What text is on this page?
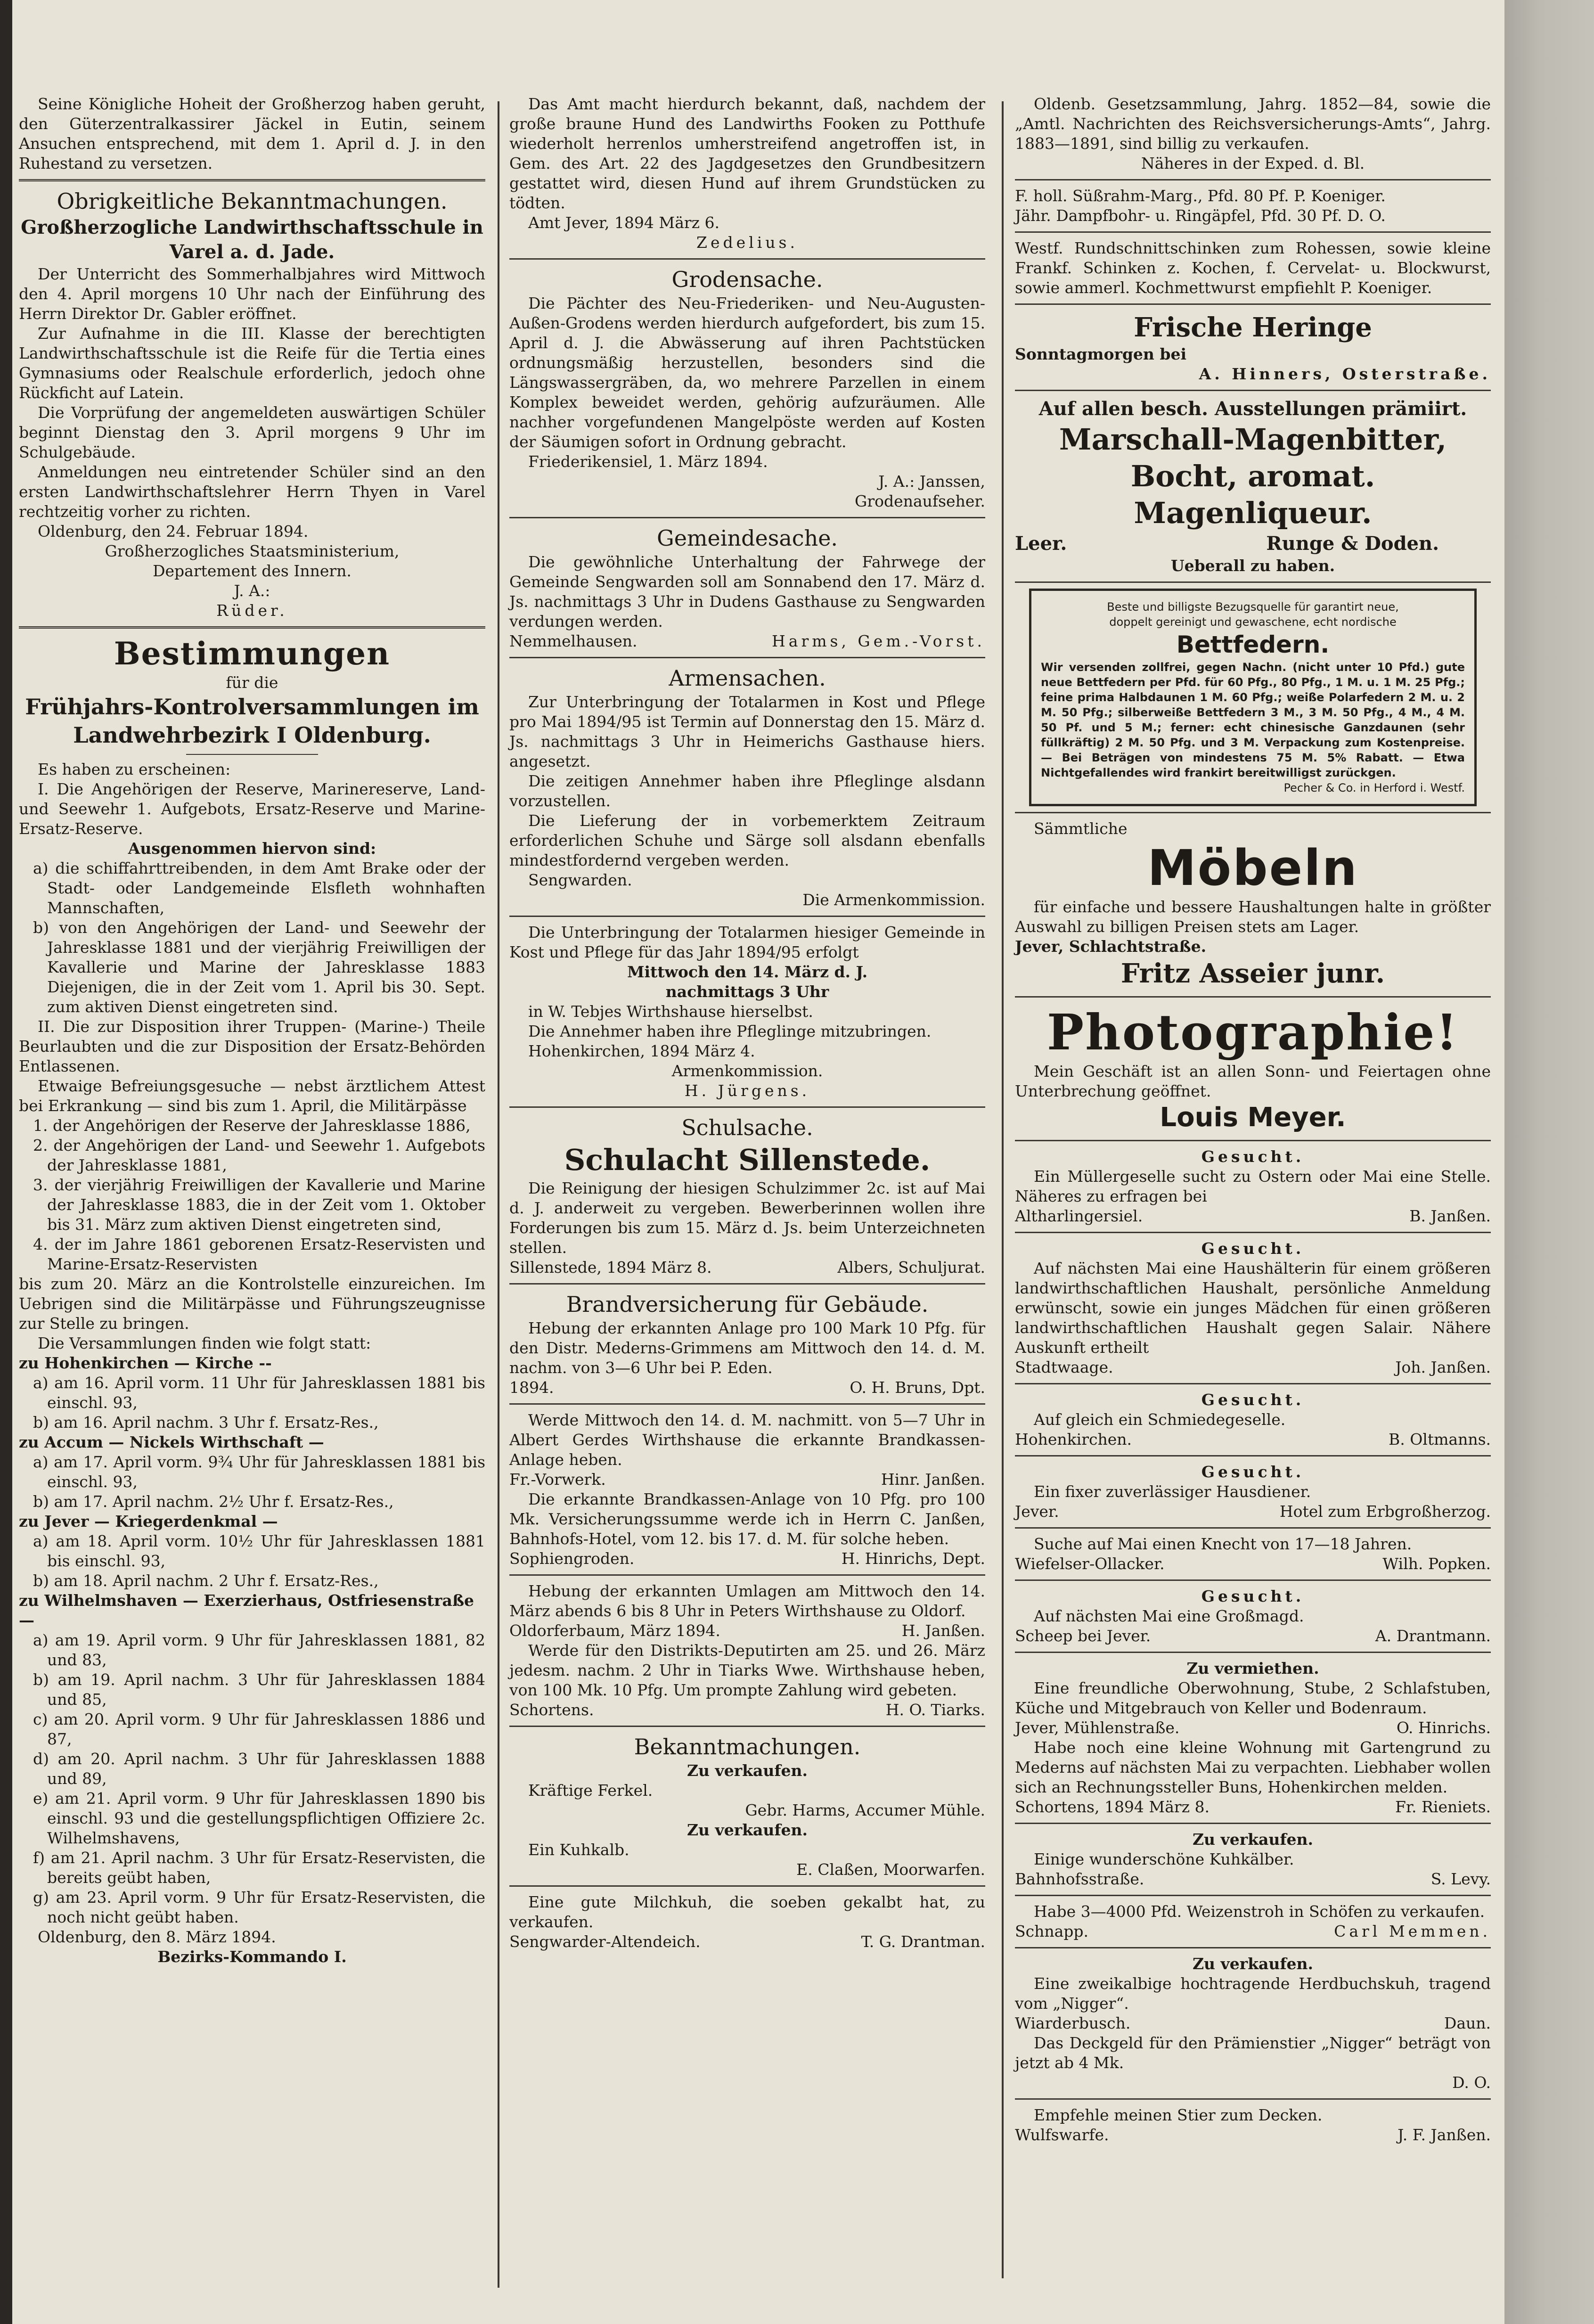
Seine Königliche Hoheit der Großherzog haben geruht, den Güterzentralkassirer Jäckel in Eutin, seinem Ansuchen entsprechend, mit dem 1. April d. J. in den Ruhestand zu versetzen.

Obrigkeitliche Bekanntmachungen.

Großherzogliche Landwirthschaftsschule in Varel a. d. Jade.

Der Unterricht des Sommerhalbjahres wird Mittwoch den 4. April morgens 10 Uhr nach der Einführung des Herrn Direktor Dr. Gabler eröffnet.

Zur Aufnahme in die III. Klasse der berechtigten Landwirthschaftsschule ist die Reife für die Tertia eines Gymnasiums oder Realschule erforderlich, jedoch ohne Rückficht auf Latein.

Die Vorprüfung der angemeldeten auswärtigen Schüler beginnt Dienstag den 3. April morgens 9 Uhr im Schulgebäude.

Anmeldungen neu eintretender Schüler sind an den ersten Landwirthschaftslehrer Herrn Thyen in Varel rechtzeitig vorher zu richten.

Oldenburg, den 24. Februar 1894.

Großherzogliches Staatsministerium,

Departement des Innern.

J. A.:

Rüder.

Bestimmungen

für die

Frühjahrs-Kontrolversammlungen im

Landwehrbezirk I Oldenburg.

Es haben zu erscheinen:

I. Die Angehörigen der Reserve, Marinereserve, Land- und Seewehr 1. Aufgebots, Ersatz-Reserve und Marine-Ersatz-Reserve.

Ausgenommen hiervon sind:

a) die schiffahrttreibenden, in dem Amt Brake oder der Stadt- oder Landgemeinde Elsfleth wohnhaften Mannschaften,

b) von den Angehörigen der Land- und Seewehr der Jahresklasse 1881 und der vierjährig Freiwilligen der Kavallerie und Marine der Jahresklasse 1883 Diejenigen, die in der Zeit vom 1. April bis 30. Sept. zum aktiven Dienst eingetreten sind.

II. Die zur Disposition ihrer Truppen- (Marine-) Theile Beurlaubten und die zur Disposition der Ersatz-Behörden Entlassenen.

Etwaige Befreiungsgesuche — nebst ärztlichem Attest bei Erkrankung — sind bis zum 1. April, die Militärpässe

1. der Angehörigen der Reserve der Jahresklasse 1886,

2. der Angehörigen der Land- und Seewehr 1. Aufgebots der Jahresklasse 1881,

3. der vierjährig Freiwilligen der Kavallerie und Marine der Jahresklasse 1883, die in der Zeit vom 1. Oktober bis 31. März zum aktiven Dienst eingetreten sind,

4. der im Jahre 1861 geborenen Ersatz-Reservisten und Marine-Ersatz-Reservisten

bis zum 20. März an die Kontrolstelle einzureichen. Im Uebrigen sind die Militärpässe und Führungszeugnisse zur Stelle zu bringen.

Die Versammlungen finden wie folgt statt:

zu Hohenkirchen — Kirche --

a) am 16. April vorm. 11 Uhr für Jahresklassen 1881 bis einschl. 93,

b) am 16. April nachm. 3 Uhr f. Ersatz-Res.,

zu Accum — Nickels Wirthschaft —

a) am 17. April vorm. 9¾ Uhr für Jahresklassen 1881 bis einschl. 93,

b) am 17. April nachm. 2½ Uhr f. Ersatz-Res.,

zu Jever — Kriegerdenkmal —

a) am 18. April vorm. 10½ Uhr für Jahresklassen 1881 bis einschl. 93,

b) am 18. April nachm. 2 Uhr f. Ersatz-Res.,

zu Wilhelmshaven — Exerzierhaus, Ostfriesenstraße —

a) am 19. April vorm. 9 Uhr für Jahresklassen 1881, 82 und 83,

b) am 19. April nachm. 3 Uhr für Jahresklassen 1884 und 85,

c) am 20. April vorm. 9 Uhr für Jahresklassen 1886 und 87,

d) am 20. April nachm. 3 Uhr für Jahresklassen 1888 und 89,

e) am 21. April vorm. 9 Uhr für Jahresklassen 1890 bis einschl. 93 und die gestellungspflichtigen Offiziere 2c. Wilhelmshavens,

f) am 21. April nachm. 3 Uhr für Ersatz-Reservisten, die bereits geübt haben,

g) am 23. April vorm. 9 Uhr für Ersatz-Reservisten, die noch nicht geübt haben.

Oldenburg, den 8. März 1894.

Bezirks-Kommando I.

Das Amt macht hierdurch bekannt, daß, nachdem der große braune Hund des Landwirths Fooken zu Potthufe wiederholt herrenlos umherstreifend angetroffen ist, in Gem. des Art. 22 des Jagdgesetzes den Grundbesitzern gestattet wird, diesen Hund auf ihrem Grundstücken zu tödten.

Amt Jever, 1894 März 6.

Zedelius.

Grodensache.

Die Pächter des Neu-Friederiken- und Neu-Augusten-Außen-Grodens werden hierdurch aufgefordert, bis zum 15. April d. J. die Abwässerung auf ihren Pachtstücken ordnungsmäßig herzustellen, besonders sind die Längswassergräben, da, wo mehrere Parzellen in einem Komplex beweidet werden, gehörig aufzuräumen. Alle nachher vorgefundenen Mangelpöste werden auf Kosten der Säumigen sofort in Ordnung gebracht.

Friederikensiel, 1. März 1894.

J. A.: Janssen,

Grodenaufseher.

Gemeindesache.

Die gewöhnliche Unterhaltung der Fahrwege der Gemeinde Sengwarden soll am Sonnabend den 17. März d. Js. nachmittags 3 Uhr in Dudens Gasthause zu Sengwarden verdungen werden.

Nemmelhausen.	Harms, Gem.-Vorst.

Armensachen.

Zur Unterbringung der Totalarmen in Kost und Pflege pro Mai 1894/95 ist Termin auf Donnerstag den 15. März d. Js. nachmittags 3 Uhr in Heimerichs Gasthause hiers. angesetzt.

Die zeitigen Annehmer haben ihre Pfleglinge alsdann vorzustellen.

Die Lieferung der in vorbemerktem Zeitraum erforderlichen Schuhe und Särge soll alsdann ebenfalls mindestfordernd vergeben werden.

Sengwarden.

Die Armenkommission.

Die Unterbringung der Totalarmen hiesiger Gemeinde in Kost und Pflege für das Jahr 1894/95 erfolgt

Mittwoch den 14. März d. J.

nachmittags 3 Uhr

in W. Tebjes Wirthshause hierselbst.

Die Annehmer haben ihre Pfleglinge mitzubringen.

Hohenkirchen, 1894 März 4.

Armenkommission.

H. Jürgens.

Schulsache.

Schulacht Sillenstede.

Die Reinigung der hiesigen Schulzimmer 2c. ist auf Mai d. J. anderweit zu vergeben. Bewerberinnen wollen ihre Forderungen bis zum 15. März d. Js. beim Unterzeichneten stellen.

Sillenstede, 1894 März 8.	Albers, Schuljurat.

Brandversicherung für Gebäude.

Hebung der erkannten Anlage pro 100 Mark 10 Pfg. für den Distr. Mederns-Grimmens am Mittwoch den 14. d. M. nachm. von 3—6 Uhr bei P. Eden.

1894.	O. H. Bruns, Dpt.

Werde Mittwoch den 14. d. M. nachmitt. von 5—7 Uhr in Albert Gerdes Wirthshause die erkannte Brandkassen-Anlage heben.

Fr.-Vorwerk.	Hinr. Janßen.

Die erkannte Brandkassen-Anlage von 10 Pfg. pro 100 Mk. Versicherungssumme werde ich in Herrn C. Janßen, Bahnhofs-Hotel, vom 12. bis 17. d. M. für solche heben.

Sophiengroden.	H. Hinrichs, Dept.

Hebung der erkannten Umlagen am Mittwoch den 14. März abends 6 bis 8 Uhr in Peters Wirthshause zu Oldorf.

Oldorferbaum, März 1894.	H. Janßen.

Werde für den Distrikts-Deputirten am 25. und 26. März jedesm. nachm. 2 Uhr in Tiarks Wwe. Wirthshause heben, von 100 Mk. 10 Pfg. Um prompte Zahlung wird gebeten.

Schortens.	H. O. Tiarks.

Bekanntmachungen.

Zu verkaufen.

Kräftige Ferkel.

Gebr. Harms, Accumer Mühle.

Zu verkaufen.

Ein Kuhkalb.

E. Claßen, Moorwarfen.

Eine gute Milchkuh, die soeben gekalbt hat, zu verkaufen.

Sengwarder-Altendeich.	T. G. Drantman.

Oldenb. Gesetzsammlung, Jahrg. 1852—84, sowie die „Amtl. Nachrichten des Reichsversicherungs-Amts“, Jahrg. 1883—1891, sind billig zu verkaufen.

Näheres in der Exped. d. Bl.

F. holl. Süßrahm-Marg., Pfd. 80 Pf. P. Koeniger.

Jähr. Dampfbohr- u. Ringäpfel, Pfd. 30 Pf. D. O.

Westf. Rundschnittschinken zum Rohessen, sowie kleine Frankf. Schinken z. Kochen, f. Cervelat- u. Blockwurst, sowie ammerl. Kochmettwurst empfiehlt P. Koeniger.

Frische Heringe

Sonntagmorgen bei

A. Hinners, Osterstraße.

Auf allen besch. Ausstellungen prämiirt.

Marschall-Magenbitter,

Bocht, aromat. Magenliqueur.

Leer.	Runge & Doden.

Ueberall zu haben.

Beste und billigste Bezugsquelle für garantirt neue,

doppelt gereinigt und gewaschene, echt nordische

Bettfedern.

Wir versenden zollfrei, gegen Nachn. (nicht unter 10 Pfd.) gute neue Bettfedern per Pfd. für 60 Pfg., 80 Pfg., 1 M. u. 1 M. 25 Pfg.; feine prima Halbdaunen 1 M. 60 Pfg.; weiße Polarfedern 2 M. u. 2 M. 50 Pfg.; silberweiße Bettfedern 3 M., 3 M. 50 Pfg., 4 M., 4 M. 50 Pf. und 5 M.; ferner: echt chinesische Ganzdaunen (sehr füllkräftig) 2 M. 50 Pfg. und 3 M. Verpackung zum Kostenpreise. — Bei Beträgen von mindestens 75 M. 5% Rabatt. — Etwa Nichtgefallendes wird frankirt bereitwilligst zurückgen.

Pecher & Co. in Herford i. Westf.

Sämmtliche

Möbeln

für einfache und bessere Haushaltungen halte in größter Auswahl zu billigen Preisen stets am Lager.

Jever, Schlachtstraße.

Fritz Asseier junr.

Photographie!

Mein Geschäft ist an allen Sonn- und Feiertagen ohne Unterbrechung geöffnet.

Louis Meyer.

Gesucht.

Ein Müllergeselle sucht zu Ostern oder Mai eine Stelle. Näheres zu erfragen bei

Altharlingersiel.	B. Janßen.

Gesucht.

Auf nächsten Mai eine Haushälterin für einem größeren landwirthschaftlichen Haushalt, persönliche Anmeldung erwünscht, sowie ein junges Mädchen für einen größeren landwirthschaftlichen Haushalt gegen Salair. Nähere Auskunft ertheilt

Stadtwaage.	Joh. Janßen.

Gesucht.

Auf gleich ein Schmiedegeselle.

Hohenkirchen.	B. Oltmanns.

Gesucht.

Ein fixer zuverlässiger Hausdiener.

Jever.	Hotel zum Erbgroßherzog.

Suche auf Mai einen Knecht von 17—18 Jahren.

Wiefelser-Ollacker.	Wilh. Popken.

Gesucht.

Auf nächsten Mai eine Großmagd.

Scheep bei Jever.	A. Drantmann.

Zu vermiethen.

Eine freundliche Oberwohnung, Stube, 2 Schlafstuben, Küche und Mitgebrauch von Keller und Bodenraum.

Jever, Mühlenstraße.	O. Hinrichs.

Habe noch eine kleine Wohnung mit Gartengrund zu Mederns auf nächsten Mai zu verpachten. Liebhaber wollen sich an Rechnungssteller Buns, Hohenkirchen melden.

Schortens, 1894 März 8.	Fr. Rieniets.

Zu verkaufen.

Einige wunderschöne Kuhkälber.

Bahnhofsstraße.	S. Levy.

Habe 3—4000 Pfd. Weizenstroh in Schöfen zu verkaufen.

Schnapp.	Carl Memmen.

Zu verkaufen.

Eine zweikalbige hochtragende Herdbuchskuh, tragend vom „Nigger“.

Wiarderbusch.	Daun.

Das Deckgeld für den Prämienstier „Nigger“ beträgt von jetzt ab 4 Mk.

D. O.

Empfehle meinen Stier zum Decken.

Wulfswarfe.	J. F. Janßen.
